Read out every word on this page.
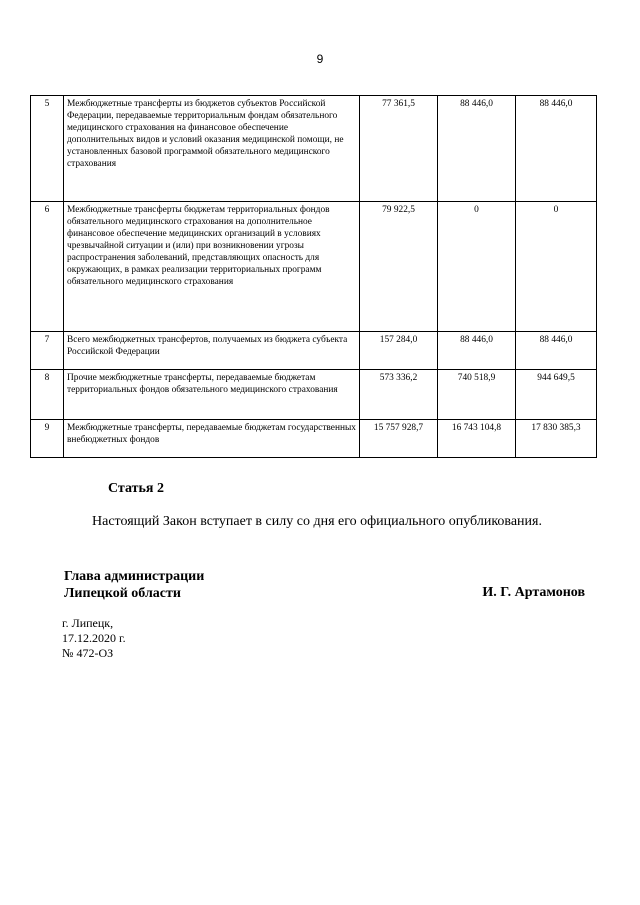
9
5	Межбюджетные трансферты из бюджетов субъектов Российской Федерации, передаваемые территориальным фондам обязательного медицинского страхования на финансовое обеспечение дополнительных видов и условий оказания медицинской помощи, не установленных базовой программой обязательного медицинского страхования	77 361,5	88 446,0	88 446,0
6	Межбюджетные трансферты бюджетам территориальных фондов обязательного медицинского страхования на дополнительное финансовое обеспечение медицинских организаций в условиях чрезвычайной ситуации и (или) при возникновении угрозы распространения заболеваний, представляющих опасность для окружающих, в рамках реализации территориальных программ обязательного медицинского страхования	79 922,5	0	0
7	Всего межбюджетных трансфертов, получаемых из бюджета субъекта Российской Федерации	157 284,0	88 446,0	88 446,0
8	Прочие межбюджетные трансферты, передаваемые бюджетам территориальных фондов обязательного медицинского страхования	573 336,2	740 518,9	944 649,5
9	Межбюджетные трансферты, передаваемые бюджетам государственных внебюджетных фондов	15 757 928,7	16 743 104,8	17 830 385,3
Статья 2
Настоящий Закон вступает в силу со дня его официального опубликования.
Глава администрации
Липецкой области	И. Г. Артамонов
г. Липецк,
17.12.2020 г.
№ 472-ОЗ
